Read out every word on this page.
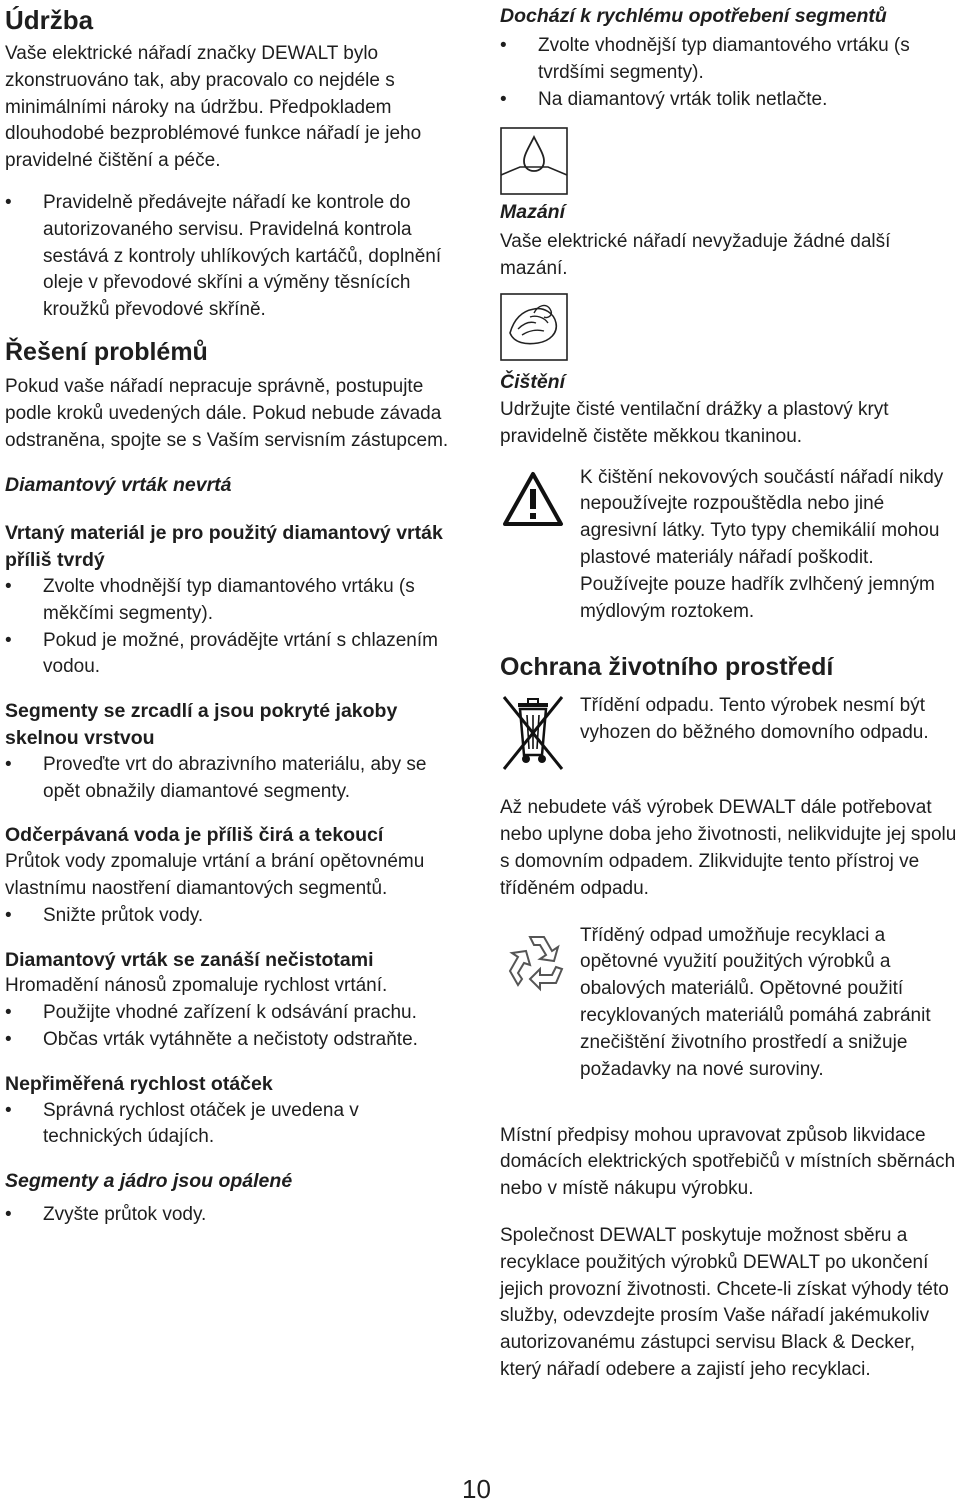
Údržba

Vaše elektrické nářadí značky DEWALT bylo zkonstruováno tak, aby pracovalo co nejdéle s minimálními nároky na údržbu. Předpokladem dlouhodobé bezproblémové funkce nářadí je jeho pravidelné čištění a péče.

• Pravidelně předávejte nářadí ke kontrole do autorizovaného servisu. Pravidelná kontrola sestává z kontroly uhlíkových kartáčů, doplnění oleje v převodové skříni a výměny těsnících kroužků převodové skříně.
Řešení problémů

Pokud vaše nářadí nepracuje správně, postupujte podle kroků uvedených dále. Pokud nebude závada odstraněna, spojte se s Vaším servisním zástupcem.

Diamantový vrták nevrtá
Vrtaný materiál je pro použitý diamantový vrták příliš tvrdý
• Zvolte vhodnější typ diamantového vrtáku (s měkčími segmenty).
• Pokud je možné, provádějte vrtání s chlazením vodou.
Segmenty se zrcadlí a jsou pokryté jakoby skelnou vrstvou
• Proveďte vrt do abrazivního materiálu, aby se opět obnažily diamantové segmenty.
Odčerpávaná voda je příliš čirá a tekoucí

Průtok vody zpomaluje vrtání a brání opětovnému vlastnímu naostření diamantových segmentů.

• Snižte průtok vody.
Diamantový vrták se zanáší nečistotami

Hromadění nánosů zpomaluje rychlost vrtání.

• Použijte vhodné zařízení k odsávání prachu.
• Občas vrták vytáhněte a nečistoty odstraňte.
Nepřiměřená rychlost otáček
• Správná rychlost otáček je uvedena v technických údajích.
Segmenty a jádro jsou opálené
• Zvyšte průtok vody.
Dochází k rychlému opotřebení segmentů
• Zvolte vhodnější typ diamantového vrtáku (s tvrdšími segmenty).
• Na diamantový vrták tolik netlačte.
Mazání

Vaše elektrické nářadí nevyžaduje žádné další mazání.

Čištění

Udržujte čisté ventilační drážky a plastový kryt pravidelně čistěte měkkou tkaninou.

K čištění nekovových součástí nářadí nikdy nepoužívejte rozpouštědla nebo jiné agresivní látky. Tyto typy chemikálií mohou plastové materiály nářadí poškodit. Používejte pouze hadřík zvlhčený jemným mýdlovým roztokem.

Ochrana životního prostředí

Třídění odpadu. Tento výrobek nesmí být vyhozen do běžného domovního odpadu.

Až nebudete váš výrobek DEWALT dále potřebovat nebo uplyne doba jeho životnosti, nelikvidujte jej spolu s domovním odpadem. Zlikvidujte tento přístroj ve tříděném odpadu.

Tříděný odpad umožňuje recyklaci a opětovné využití použitých výrobků a obalových materiálů. Opětovné použití recyklovaných materiálů pomáhá zabránit znečištění životního prostředí a snižuje požadavky na nové suroviny.

Místní předpisy mohou upravovat způsob likvidace domácích elektrických spotřebičů v místních sběrnách nebo v místě nákupu výrobku.

Společnost DEWALT poskytuje možnost sběru a recyklace použitých výrobků DEWALT po ukončení jejich provozní životnosti. Chcete-li získat výhody této služby, odevzdejte prosím Vaše nářadí jakémukoliv autorizovanému zástupci servisu Black & Decker, který nářadí odebere a zajistí jeho recyklaci.

10
